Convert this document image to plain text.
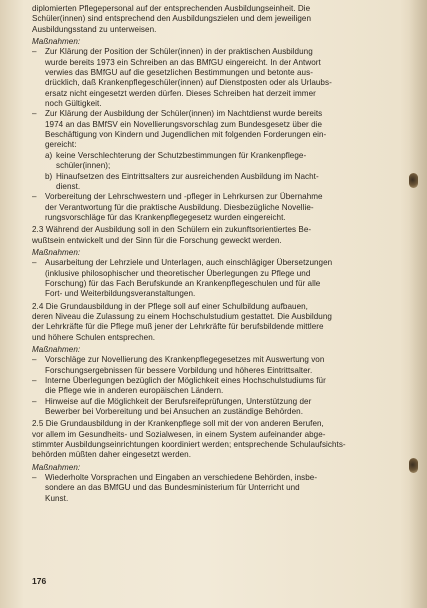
diplomierten Pflegepersonal auf der entsprechenden Ausbildungseinheit. Die
Schüler(innen) sind entsprechend den Ausbildungszielen und dem jeweiligen
Ausbildungsstand zu unterweisen.
Maßnahmen:
– Zur Klärung der Position der Schüler(innen) in der praktischen Ausbildung
wurde bereits 1973 ein Schreiben an das BMfGU eingereicht. In der Antwort
verwies das BMfGU auf die gesetzlichen Bestimmungen und betonte aus-
drücklich, daß Krankenpflegeschüler(innen) auf Dienstposten oder als Urlaubs-
ersatz nicht eingesetzt werden dürfen. Dieses Schreiben hat derzeit immer
noch Gültigkeit.
– Zur Klärung der Ausbildung der Schüler(innen) im Nachtdienst wurde bereits
1974 an das BMfSV ein Novellierungsvorschlag zum Bundesgesetz über die
Beschäftigung von Kindern und Jugendlichen mit folgenden Forderungen ein-
gereicht:
a) keine Verschlechterung der Schutzbestimmungen für Krankenpflege-
schüler(innen);
b) Hinaufsetzen des Eintrittsalters zur ausreichenden Ausbildung im Nacht-
dienst.
– Vorbereitung der Lehrschwestern und -pfleger in Lehrkursen zur Übernahme
der Verantwortung für die praktische Ausbildung. Diesbezügliche Novellie-
rungsvorschläge für das Krankenpflegegesetz wurden eingereicht.
2.3 Während der Ausbildung soll in den Schülern ein zukunftsorientiertes Be-
wußtsein entwickelt und der Sinn für die Forschung geweckt werden.
Maßnahmen:
– Ausarbeitung der Lehrziele und Unterlagen, auch einschlägiger Übersetzungen
(inklusive philosophischer und theoretischer Überlegungen zu Pflege und
Forschung) für das Fach Berufskunde an Krankenpflegeschulen und für alle
Fort- und Weiterbildungsveranstaltungen.
2.4 Die Grundausbildung in der Pflege soll auf einer Schulbildung aufbauen,
deren Niveau die Zulassung zu einem Hochschulstudium gestattet. Die Ausbildung
der Lehrkräfte für die Pflege muß jener der Lehrkräfte für berufsbildende mittlere
und höhere Schulen entsprechen.
Maßnahmen:
– Vorschläge zur Novellierung des Krankenpflegegesetzes mit Auswertung von
Forschungsergebnissen für bessere Vorbildung und höheres Eintrittsalter.
– Interne Überlegungen bezüglich der Möglichkeit eines Hochschulstudiums für
die Pflege wie in anderen europäischen Ländern.
– Hinweise auf die Möglichkeit der Berufsreifeprüfungen, Unterstützung der
Bewerber bei Vorbereitung und bei Ansuchen an zuständige Behörden.
2.5 Die Grundausbildung in der Krankenpflege soll mit der von anderen Berufen,
vor allem im Gesundheits- und Sozialwesen, in einem System aufeinander abge-
stimmter Ausbildungseinrichtungen koordiniert werden; entsprechende Schulaufsichts-
behörden müßten daher eingesetzt werden.
Maßnahmen:
– Wiederholte Vorsprachen und Eingaben an verschiedene Behörden, insbe-
sondere an das BMfGU und das Bundesministerium für Unterricht und
Kunst.
176
